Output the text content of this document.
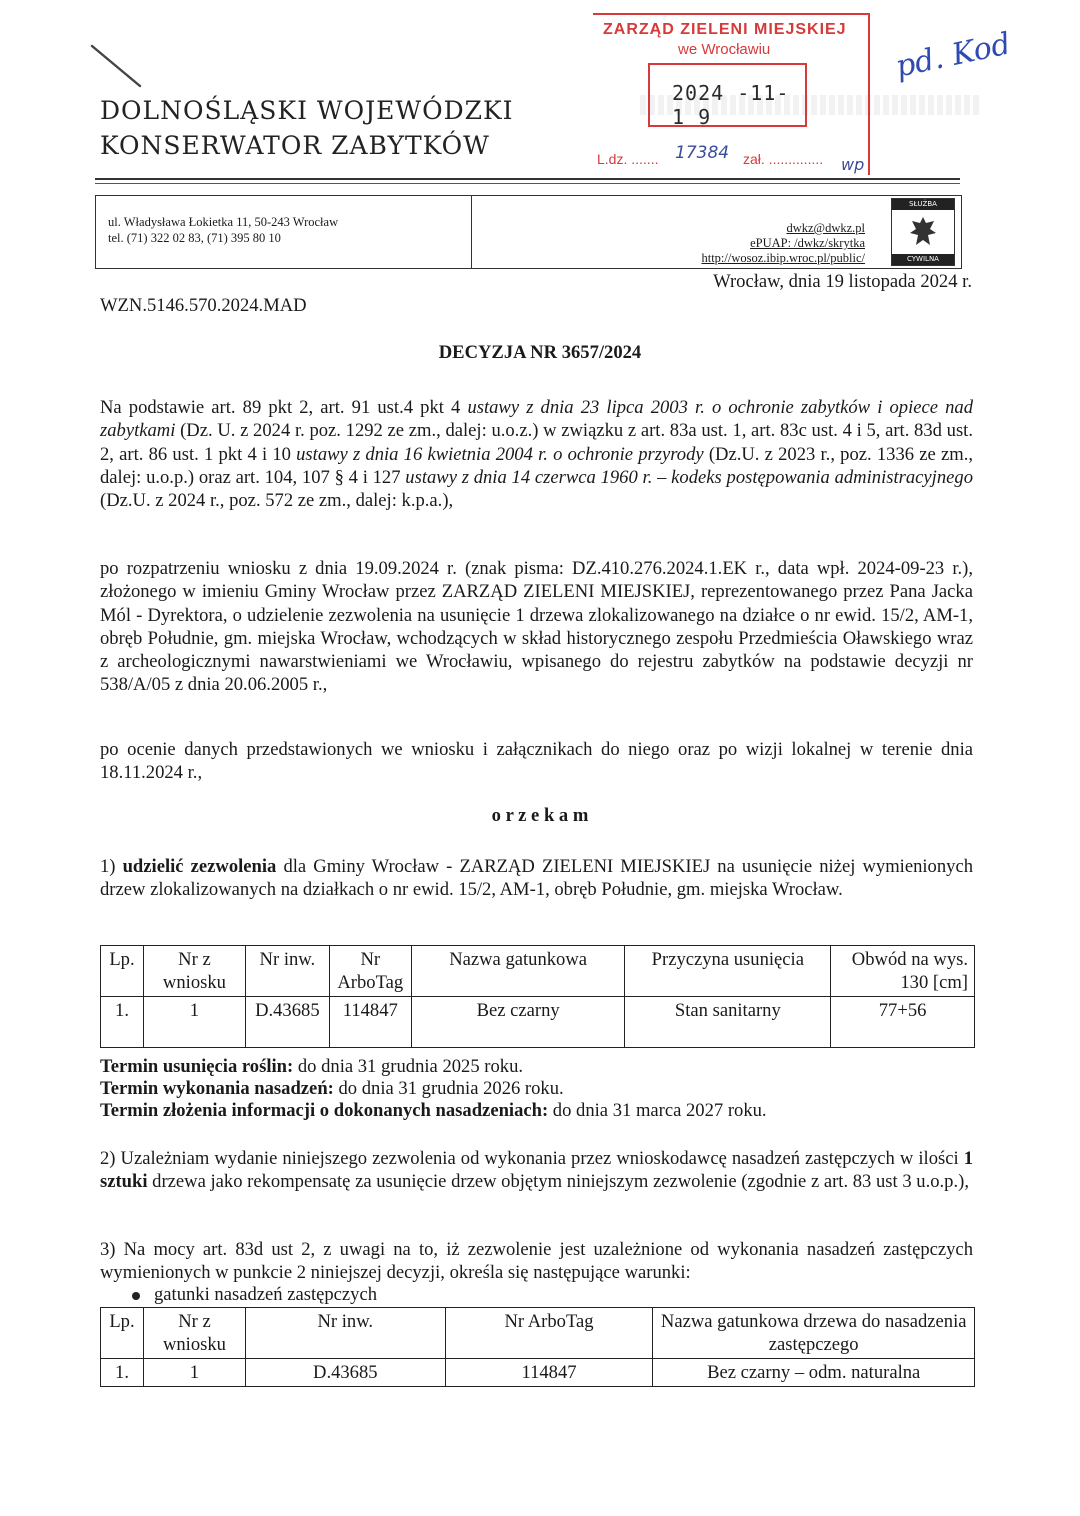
DOLNOŚLĄSKI WOJEWÓDZKI
KONSERWATOR ZABYTKÓW
ZARZĄD ZIELENI MIEJSKIEJ
we Wrocławiu
2024 -11- 1 9
L.dz. ....... 17384 zał. .............. wp
pd. Kod
ul. Władysława Łokietka 11, 50-243 Wrocław
tel. (71) 322 02 83, (71) 395 80 10
dwkz@dwkz.pl
ePUAP: /dwkz/skrytka
http://wosoz.ibip.wroc.pl/public/
SŁUŻBA
CYWILNA
Wrocław, dnia 19 listopada 2024 r.
WZN.5146.570.2024.MAD
DECYZJA NR 3657/2024
Na podstawie art. 89 pkt 2, art. 91 ust.4 pkt 4 ustawy z dnia 23 lipca 2003 r. o ochronie zabytków i opiece nad zabytkami (Dz. U. z 2024 r. poz. 1292 ze zm., dalej: u.o.z.) w związku z art. 83a ust. 1, art. 83c ust. 4 i 5, art. 83d ust. 2, art. 86 ust. 1 pkt 4 i 10 ustawy z dnia 16 kwietnia 2004 r. o ochronie przyrody (Dz.U. z 2023 r., poz. 1336 ze zm., dalej: u.o.p.) oraz art. 104, 107 § 4 i 127 ustawy z dnia 14 czerwca 1960 r. – kodeks postępowania administracyjnego (Dz.U. z 2024 r., poz. 572 ze zm., dalej: k.p.a.),
po rozpatrzeniu wniosku z dnia 19.09.2024 r. (znak pisma: DZ.410.276.2024.1.EK r., data wpł. 2024-09-23 r.), złożonego w imieniu Gminy Wrocław przez ZARZĄD ZIELENI MIEJSKIEJ, reprezentowanego przez Pana Jacka Mól - Dyrektora, o udzielenie zezwolenia na usunięcie 1 drzewa zlokalizowanego na działce o nr ewid. 15/2, AM-1, obręb Południe, gm. miejska Wrocław, wchodzących w skład historycznego zespołu Przedmieścia Oławskiego wraz z archeologicznymi nawarstwieniami we Wrocławiu, wpisanego do rejestru zabytków na podstawie decyzji nr 538/A/05 z dnia 20.06.2005 r.,
po ocenie danych przedstawionych we wniosku i załącznikach do niego oraz po wizji lokalnej w terenie dnia 18.11.2024 r.,
o r z e k a m
1) udzielić zezwolenia dla Gminy Wrocław - ZARZĄD ZIELENI MIEJSKIEJ na usunięcie niżej wymienionych drzew zlokalizowanych na działkach o nr ewid. 15/2, AM-1, obręb Południe, gm. miejska Wrocław.
Lp.	Nr z wniosku	Nr inw.	Nr ArboTag	Nazwa gatunkowa	Przyczyna usunięcia	Obwód na wys. 130 [cm]
1.	1	D.43685	114847	Bez czarny	Stan sanitarny	77+56
Termin usunięcia roślin: do dnia 31 grudnia 2025 roku.
Termin wykonania nasadzeń: do dnia 31 grudnia 2026 roku.
Termin złożenia informacji o dokonanych nasadzeniach: do dnia 31 marca 2027 roku.
2) Uzależniam wydanie niniejszego zezwolenia od wykonania przez wnioskodawcę nasadzeń zastępczych w ilości 1 sztuki drzewa jako rekompensatę za usunięcie drzew objętym niniejszym zezwolenie (zgodnie z art. 83 ust 3 u.o.p.),
3) Na mocy art. 83d ust 2, z uwagi na to, iż zezwolenie jest uzależnione od wykonania nasadzeń zastępczych wymienionych w punkcie 2 niniejszej decyzji, określa się następujące warunki:
gatunki nasadzeń zastępczych
Lp.	Nr z wniosku	Nr inw.	Nr ArboTag	Nazwa gatunkowa drzewa do nasadzenia zastępczego
1.	1	D.43685	114847	Bez czarny – odm. naturalna
